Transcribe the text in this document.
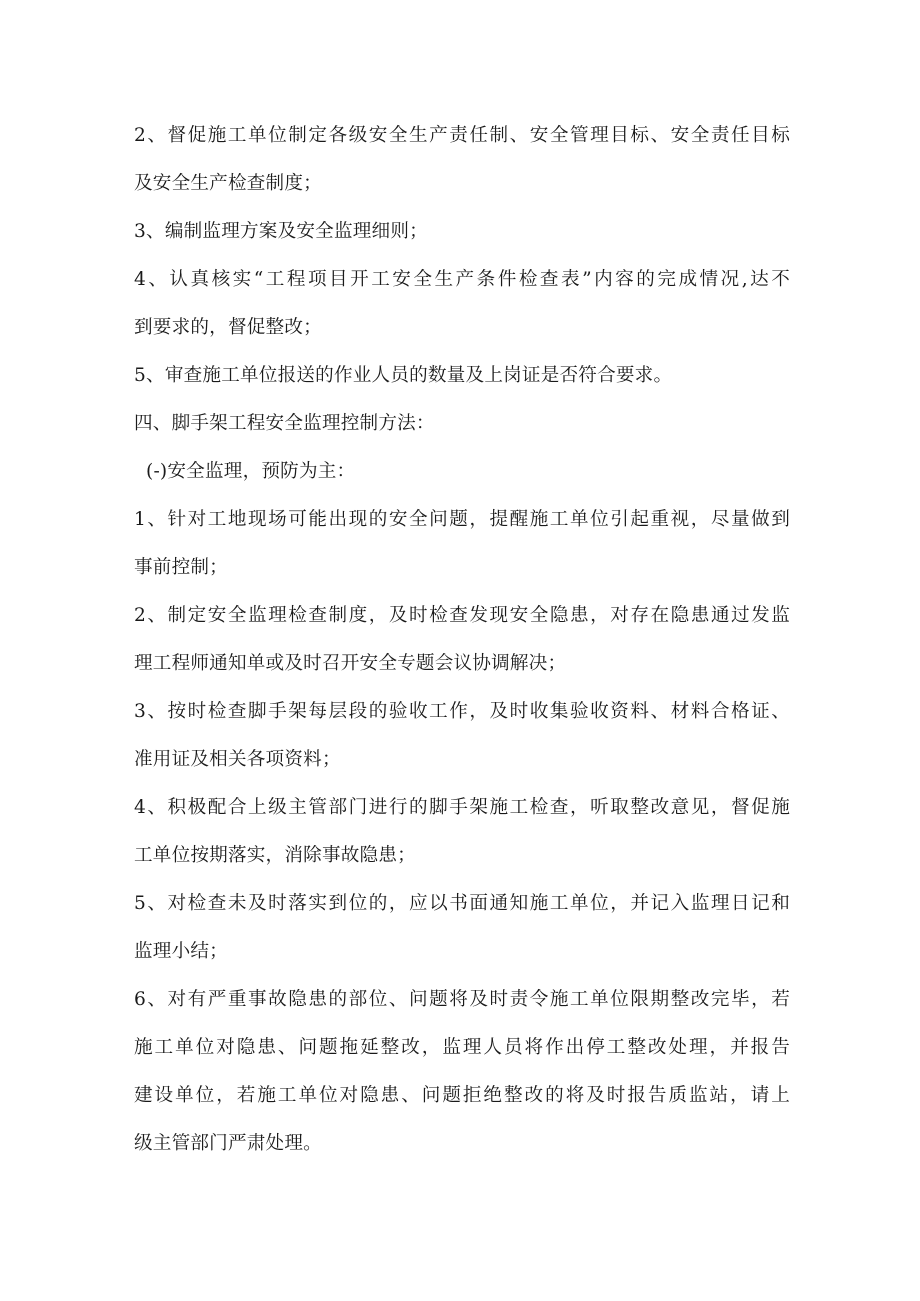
2、督促施工单位制定各级安全生产责任制、安全管理目标、安全责任目标
及安全生产检查制度；
3、编制监理方案及安全监理细则；
4、认真核实“工程项目开工安全生产条件检查表”内容的完成情况,达不
到要求的，督促整改；
5、审查施工单位报送的作业人员的数量及上岗证是否符合要求。
四、脚手架工程安全监理控制方法：
(-)安全监理，预防为主：
1、针对工地现场可能出现的安全问题，提醒施工单位引起重视，尽量做到
事前控制；
2、制定安全监理检查制度，及时检查发现安全隐患，对存在隐患通过发监
理工程师通知单或及时召开安全专题会议协调解决；
3、按时检查脚手架每层段的验收工作，及时收集验收资料、材料合格证、
准用证及相关各项资料；
4、积极配合上级主管部门进行的脚手架施工检查，听取整改意见，督促施
工单位按期落实，消除事故隐患；
5、对检查未及时落实到位的，应以书面通知施工单位，并记入监理日记和
监理小结；
6、对有严重事故隐患的部位、问题将及时责令施工单位限期整改完毕，若
施工单位对隐患、问题拖延整改，监理人员将作出停工整改处理，并报告
建设单位，若施工单位对隐患、问题拒绝整改的将及时报告质监站，请上
级主管部门严肃处理。
